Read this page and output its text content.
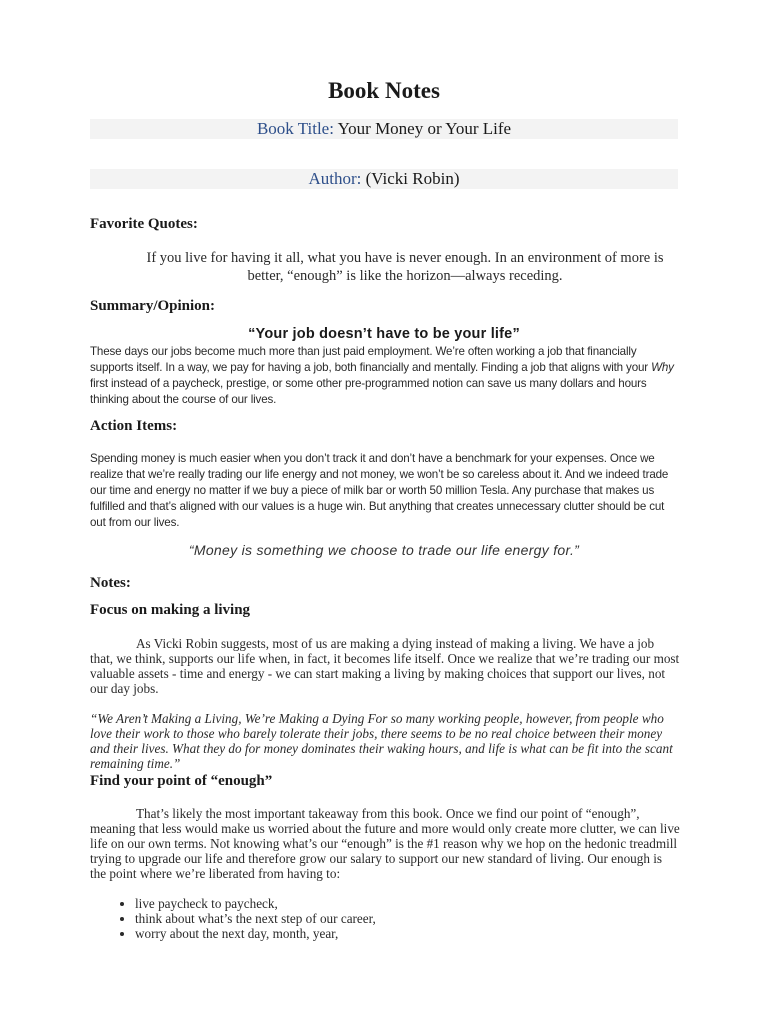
Book Notes
Book Title: Your Money or Your Life
Author: (Vicki Robin)
Favorite Quotes:
If you live for having it all, what you have is never enough. In an environment of more is better, “enough” is like the horizon—always receding.
Summary/Opinion:
“Your job doesn’t have to be your life”
These days our jobs become much more than just paid employment. We’re often working a job that financially supports itself. In a way, we pay for having a job, both financially and mentally. Finding a job that aligns with your Why first instead of a paycheck, prestige, or some other pre-programmed notion can save us many dollars and hours thinking about the course of our lives.
Action Items:
Spending money is much easier when you don’t track it and don’t have a benchmark for your expenses. Once we realize that we’re really trading our life energy and not money, we won’t be so careless about it. And we indeed trade our time and energy no matter if we buy a piece of milk bar or worth 50 million Tesla. Any purchase that makes us fulfilled and that’s aligned with our values is a huge win. But anything that creates unnecessary clutter should be cut out from our lives.
“Money is something we choose to trade our life energy for.”
Notes:
Focus on making a living
As Vicki Robin suggests, most of us are making a dying instead of making a living. We have a job that, we think, supports our life when, in fact, it becomes life itself. Once we realize that we’re trading our most valuable assets - time and energy - we can start making a living by making choices that support our lives, not our day jobs.
“We Aren’t Making a Living, We’re Making a Dying For so many working people, however, from people who love their work to those who barely tolerate their jobs, there seems to be no real choice between their money and their lives. What they do for money dominates their waking hours, and life is what can be fit into the scant remaining time.”
Find your point of “enough”
That’s likely the most important takeaway from this book. Once we find our point of “enough”, meaning that less would make us worried about the future and more would only create more clutter, we can live life on our own terms. Not knowing what’s our “enough” is the #1 reason why we hop on the hedonic treadmill trying to upgrade our life and therefore grow our salary to support our new standard of living. Our enough is the point where we’re liberated from having to:
• live paycheck to paycheck,
• think about what’s the next step of our career,
• worry about the next day, month, year,
